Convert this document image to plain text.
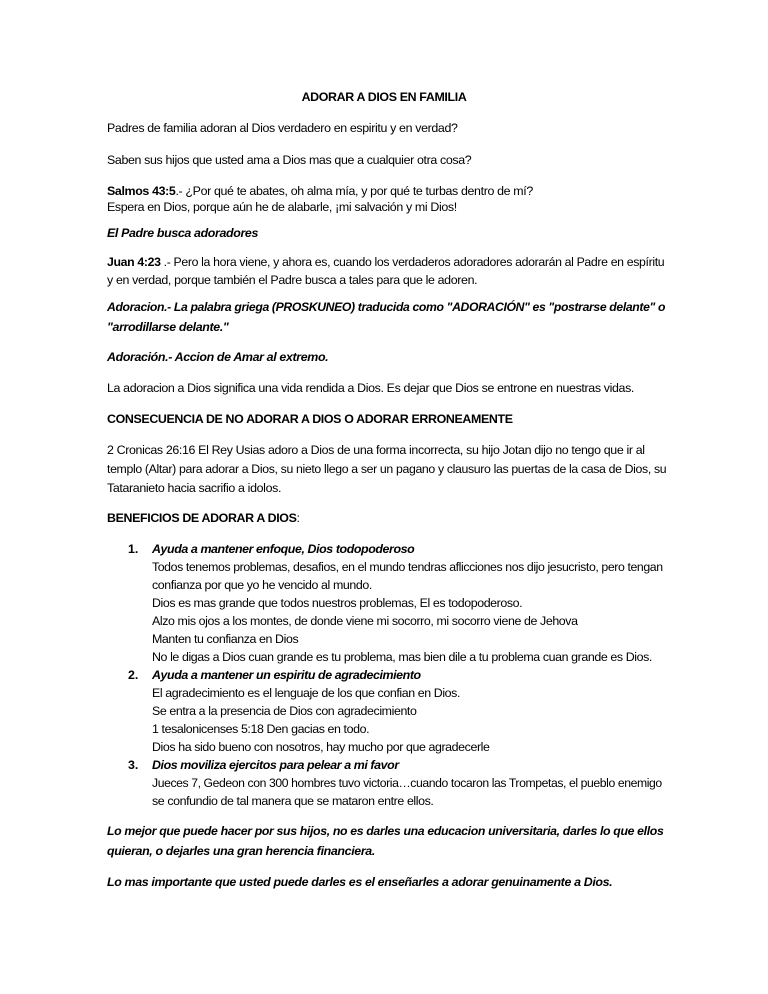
ADORAR A DIOS EN FAMILIA
Padres de familia adoran al Dios verdadero en espiritu y en verdad?
Saben sus hijos que usted ama a Dios mas que a cualquier otra cosa?
Salmos 43:5.- ¿Por qué te abates, oh alma mía, y por qué te turbas dentro de mí?
Espera en Dios, porque aún he de alabarle, ¡mi salvación y mi Dios!
El Padre busca adoradores
Juan 4:23 .- Pero la hora viene, y ahora es, cuando los verdaderos adoradores adorarán al Padre en espíritu
y en verdad, porque también el Padre busca a tales para que le adoren.
Adoracion.- La palabra griega (PROSKUNEO) traducida como "ADORACIÓN" es "postrarse delante" o
"arrodillarse delante."
Adoración.- Accion de Amar al extremo.
La adoracion a Dios significa una vida rendida a Dios. Es dejar que Dios se entrone en nuestras vidas.
CONSECUENCIA DE NO ADORAR A DIOS O ADORAR ERRONEAMENTE
2 Cronicas 26:16 El Rey Usias adoro a Dios de una forma incorrecta, su hijo Jotan dijo no tengo que ir al
templo (Altar) para adorar a Dios, su nieto llego a ser un pagano y clausuro las puertas de la casa de Dios, su
Tataranieto hacia sacrifio a idolos.
BENEFICIOS DE ADORAR A DIOS:
1. Ayuda a mantener enfoque, Dios todopoderoso
Todos tenemos problemas, desafios, en el mundo tendras aflicciones nos dijo jesucristo, pero tengan
confianza por que yo he vencido al mundo.
Dios es mas grande que todos nuestros problemas, El es todopoderoso.
Alzo mis ojos a los montes, de donde viene mi socorro, mi socorro viene de Jehova
Manten tu confianza en Dios
No le digas a Dios cuan grande es tu problema, mas bien dile a tu problema cuan grande es Dios.
2. Ayuda a mantener un espiritu de agradecimiento
El agradecimiento es el lenguaje de los que confian en Dios.
Se entra a la presencia de Dios con agradecimiento
1 tesalonicenses 5:18 Den gacias en todo.
Dios ha sido bueno con nosotros, hay mucho por que agradecerle
3. Dios moviliza ejercitos para pelear a mi favor
Jueces 7, Gedeon con 300 hombres tuvo victoria…cuando tocaron las Trompetas, el pueblo enemigo
se confundio de tal manera que se mataron entre ellos.
Lo mejor que puede hacer por sus hijos, no es darles una educacion universitaria, darles lo que ellos
quieran, o dejarles una gran herencia financiera.
Lo mas importante que usted puede darles es el enseñarles a adorar genuinamente a Dios.
